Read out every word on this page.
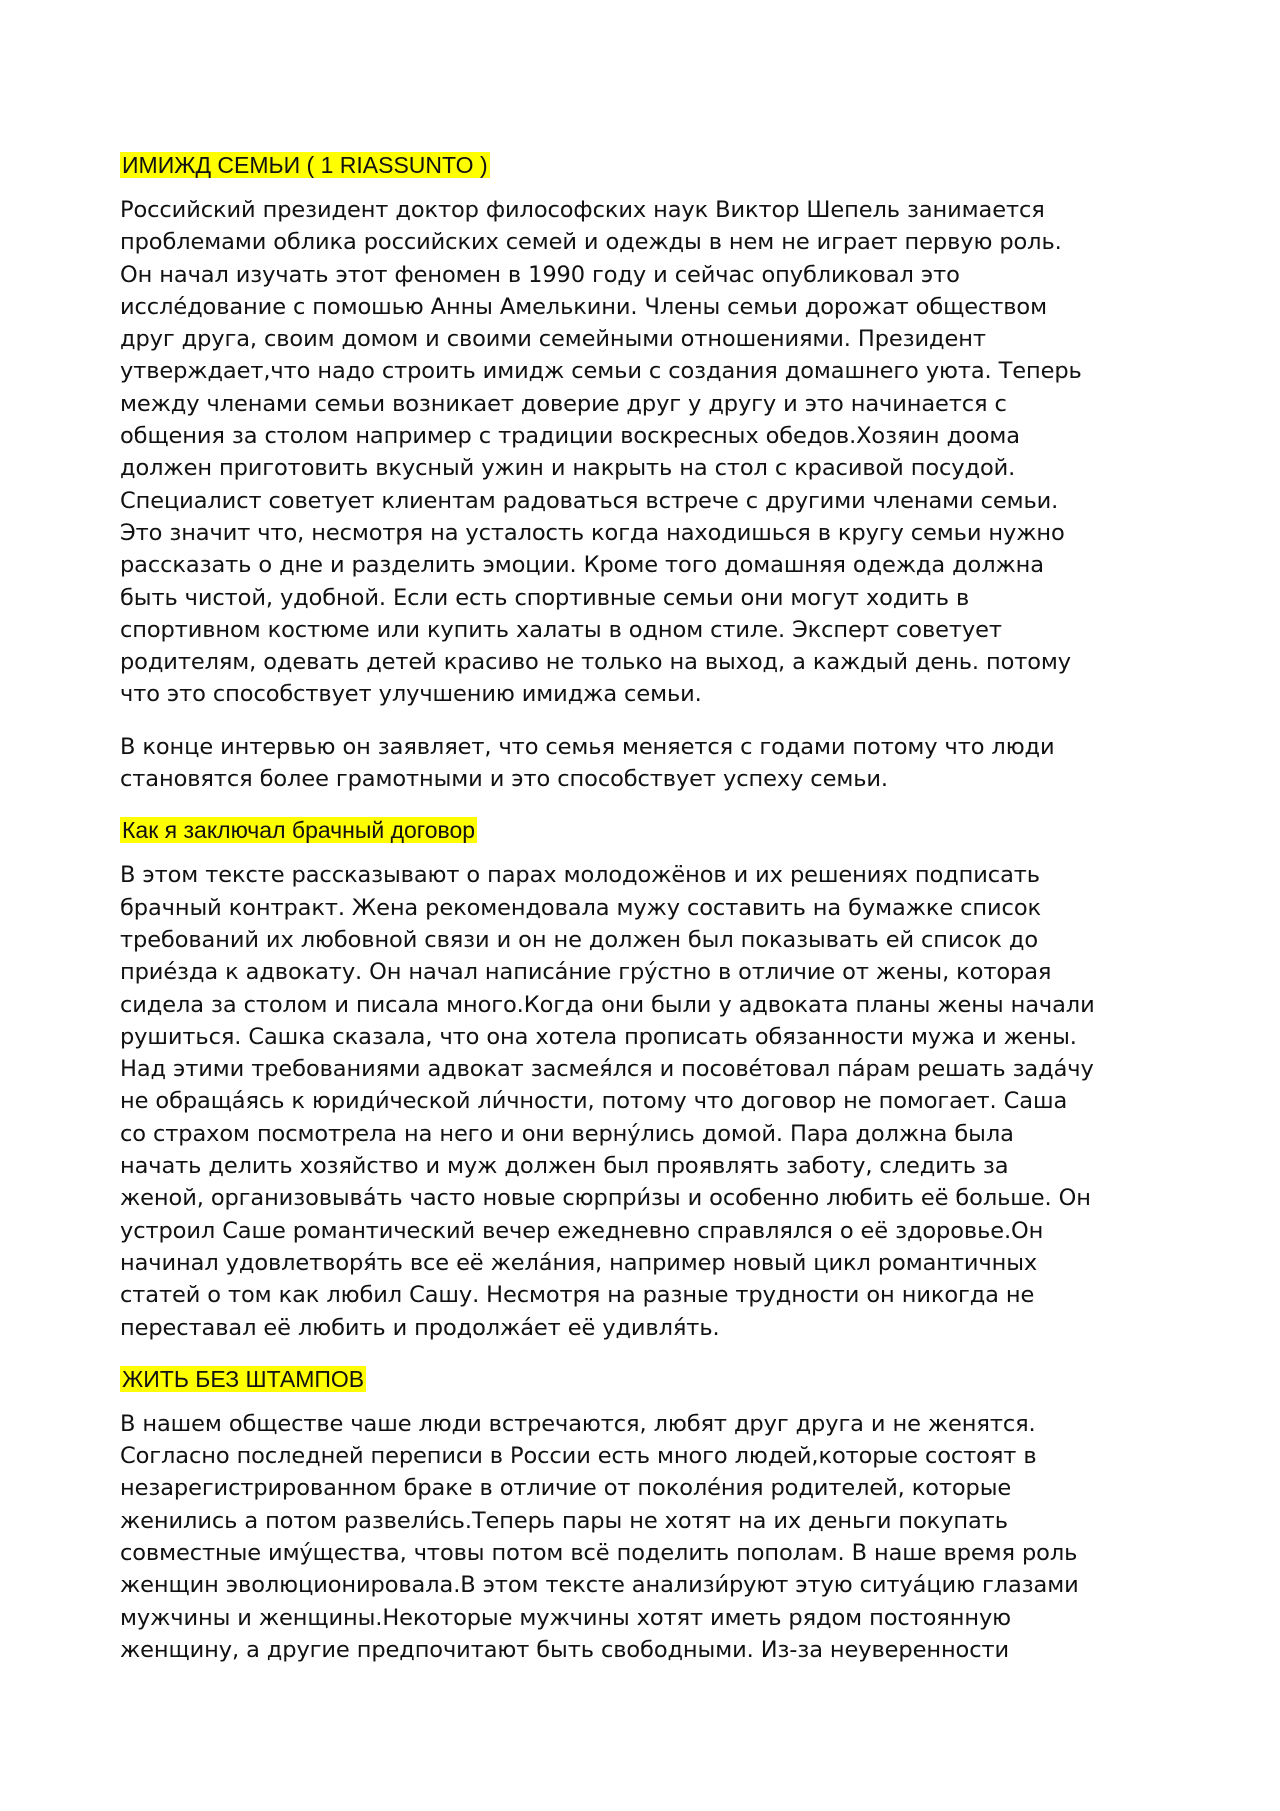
ИМИЖД СЕМЬИ ( 1 RIASSUNTO )

Российский президент доктор философских наук Виктор Шепель занимается
проблемами облика российских семей и одежды в нем не играет первую роль.
Он начал изучать этот феномен в 1990 году и сейчас опубликовал это
иссле́дование с помошью Анны Амелькини. Члены семьи дорожат обществом
друг друга, своим домом и своими семейными отношениями. Президент
утверждает,что надо строить имидж семьи с создания домашнего уюта. Теперь
между членами семьи возникает доверие друг у другу и это начинается с
общения за столом например с традиции воскресных обедов.Хозяин доома
должен приготовить вкусный ужин и накрыть на стол с красивой посудой.
Специалист советует клиентам радоваться встрече с другими членами семьи.
Это значит что, несмотря на усталость когда находишься в кругу семьи нужно
рассказать о дне и разделить эмоции. Кроме того домашняя одежда должна
быть чистой, удобной. Если есть спортивные семьи они могут ходить в
спортивном костюме или купить халаты в одном стиле. Эксперт советует
родителям, одевать детей красиво не только на выход, а каждый день. потому
что это способствует улучшению имиджа семьи.

В конце интервью он заявляет, что семья меняется с годами потому что люди
становятся более грамотными и это способствует успеху семьи.

Как я заключал брачный договор

В этом тексте рассказывают о парах молодожёнов и их решениях подписать
брачный контракт. Жена рекомендовала мужу составить на бумажке список
требований их любовной связи и он не должен был показывать ей список до
прие́зда к адвокату. Он начал написа́ние гру́стно в отличие от жены, которая
сидела за столом и писала много.Когда они были у адвоката планы жены начали
рушиться. Сашка сказала, что она хотела прописать обязанности мужа и жены.
Над этими требованиями адвокат засмея́лся и посове́товал па́рам решать зада́чу
не обраща́ясь к юриди́ческой ли́чности, потому что договор не помогает. Саша
со страхом посмотрела на него и они верну́лись домой. Пара должна была
начать делить хозяйство и муж должен был проявлять заботу, следить за
женой, организовыва́ть часто новые сюрпри́зы и особенно любить её больше. Он
устроил Саше романтический вечер ежедневно справлялся о её здоровье.Он
начинал удовлетворя́ть все её жела́ния, например новый цикл романтичных
статей о том как любил Сашу. Несмотря на разные трудности он никогда не
переставал её любить и продолжа́ет её удивля́ть.

ЖИТЬ БЕЗ ШТАМПОВ

В нашем обществе чаше люди встречаются, любят друг друга и не женятся.
Согласно последней переписи в России есть много людей,которые состоят в
незарегистрированном браке в отличие от поколе́ния родителей, которые
женились а потом развели́сь.Теперь пары не хотят на их деньги покупать
совместные иму́щества, чтовы потом всё поделить пополам. В наше время роль
женщин эволюционировала.В этом тексте анализи́руют этую ситуа́цию глазами
мужчины и женщины.Некоторые мужчины хотят иметь рядом постоянную
женщину, а другие предпочитают быть свободными. Из-за неуверенности
